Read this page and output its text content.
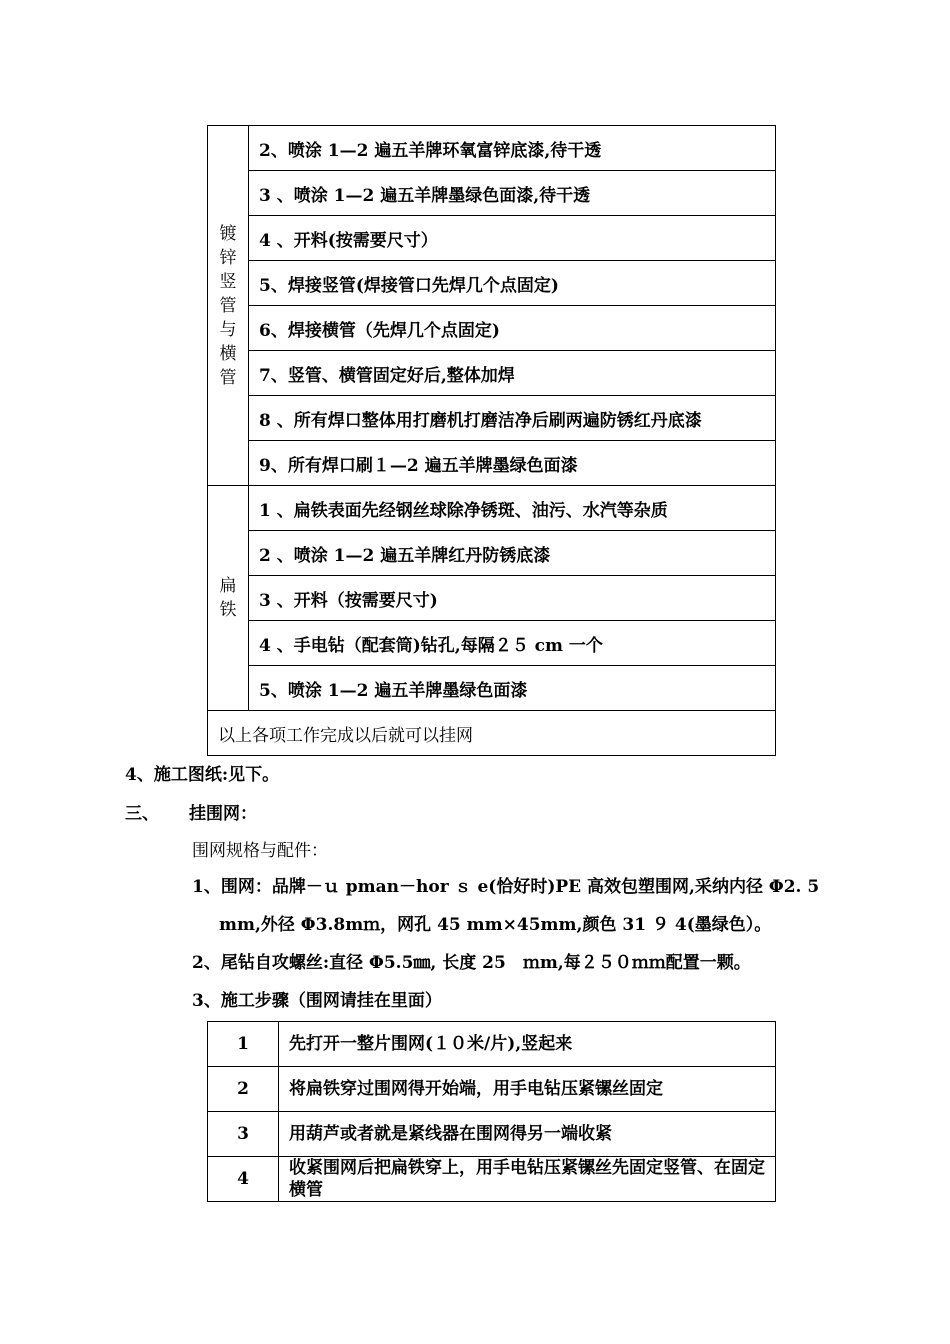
镀锌竖管与横管	2、喷涂 1—2 遍五羊牌环氧富锌底漆,待干透
	3 、喷涂 1—2 遍五羊牌墨绿色面漆,待干透
	4 、开料(按需要尺寸）
	5、焊接竖管(焊接管口先焊几个点固定)
	6、焊接横管（先焊几个点固定)
	7、竖管、横管固定好后,整体加焊
	8 、所有焊口整体用打磨机打磨洁净后刷两遍防锈红丹底漆
	9、所有焊口刷１—2 遍五羊牌墨绿色面漆
扁铁	1 、扁铁表面先经钢丝球除净锈斑、油污、水汽等杂质
	2 、喷涂 1—2 遍五羊牌红丹防锈底漆
	3 、开料（按需要尺寸)
	4 、手电钻（配套筒)钻孔,每隔２５ cm 一个
	5、喷涂 1—2 遍五羊牌墨绿色面漆
以上各项工作完成以后就可以挂网	
4、施工图纸:见下。
三、 挂围网：
围网规格与配件：
1、围网：品牌－ｕ pman－hor ｓ e(恰好时)PE 高效包塑围网,采纳内径 Φ2. 5
mm,外径 Φ3.8mｍ，网孔 45 mm×45mm,颜色 31 ９ 4(墨绿色）。
2、尾钻自攻螺丝:直径 Φ5.5㎜, 长度 25　ｍm,每２５０ｍｍ配置一颗。
3、施工步骤（围网请挂在里面）
1	先打开一整片围网(１０米/片),竖起来
2	将扁铁穿过围网得开始端，用手电钻压紧镙丝固定
3	用葫芦或者就是紧线器在围网得另一端收紧
4	收紧围网后把扁铁穿上，用手电钻压紧镙丝先固定竖管、在固定横管
